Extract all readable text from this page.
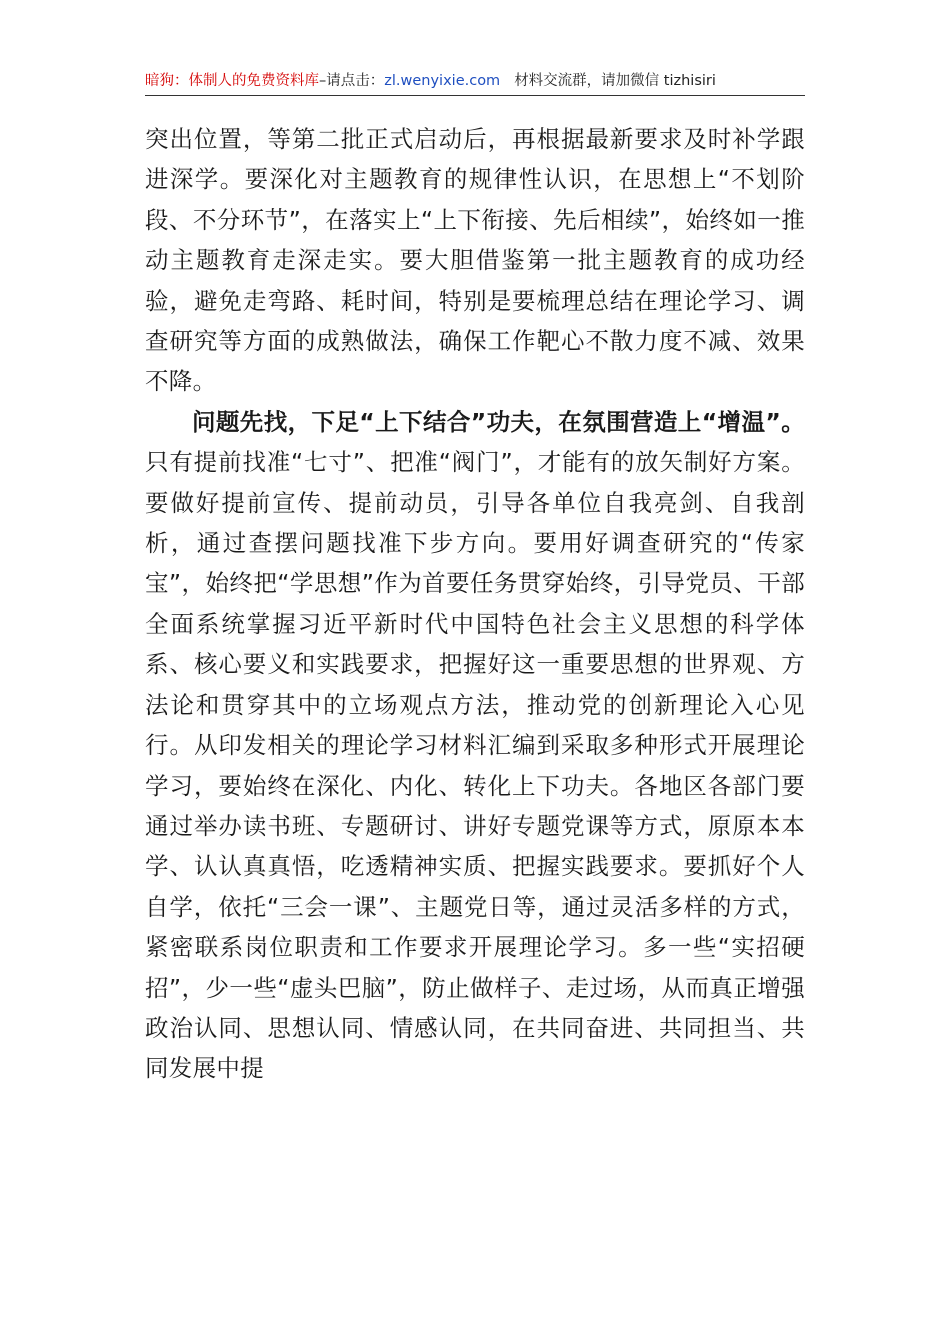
暗狗：体制人的免费资料库–请点击：zl.wenyixie.com 材料交流群，请加微信 tizhisiri

突出位置，等第二批正式启动后，再根据最新要求及时补学跟进深学。要深化对主题教育的规律性认识，在思想上“不划阶段、不分环节”，在落实上“上下衔接、先后相续”，始终如一推动主题教育走深走实。要大胆借鉴第一批主题教育的成功经验，避免走弯路、耗时间，特别是要梳理总结在理论学习、调查研究等方面的成熟做法，确保工作靶心不散力度不减、效果不降。

问题先找，下足“上下结合”功夫，在氛围营造上“增温”。只有提前找准“七寸”、把准“阀门”，才能有的放矢制好方案。要做好提前宣传、提前动员，引导各单位自我亮剑、自我剖析，通过查摆问题找准下步方向。要用好调查研究的“传家宝”，始终把“学思想”作为首要任务贯穿始终，引导党员、干部全面系统掌握习近平新时代中国特色社会主义思想的科学体系、核心要义和实践要求，把握好这一重要思想的世界观、方法论和贯穿其中的立场观点方法，推动党的创新理论入心见行。从印发相关的理论学习材料汇编到采取多种形式开展理论学习，要始终在深化、内化、转化上下功夫。各地区各部门要通过举办读书班、专题研讨、讲好专题党课等方式，原原本本学、认认真真悟，吃透精神实质、把握实践要求。要抓好个人自学，依托“三会一课”、主题党日等，通过灵活多样的方式，紧密联系岗位职责和工作要求开展理论学习。多一些“实招硬招”，少一些“虚头巴脑”，防止做样子、走过场，从而真正增强政治认同、思想认同、情感认同，在共同奋进、共同担当、共同发展中提
